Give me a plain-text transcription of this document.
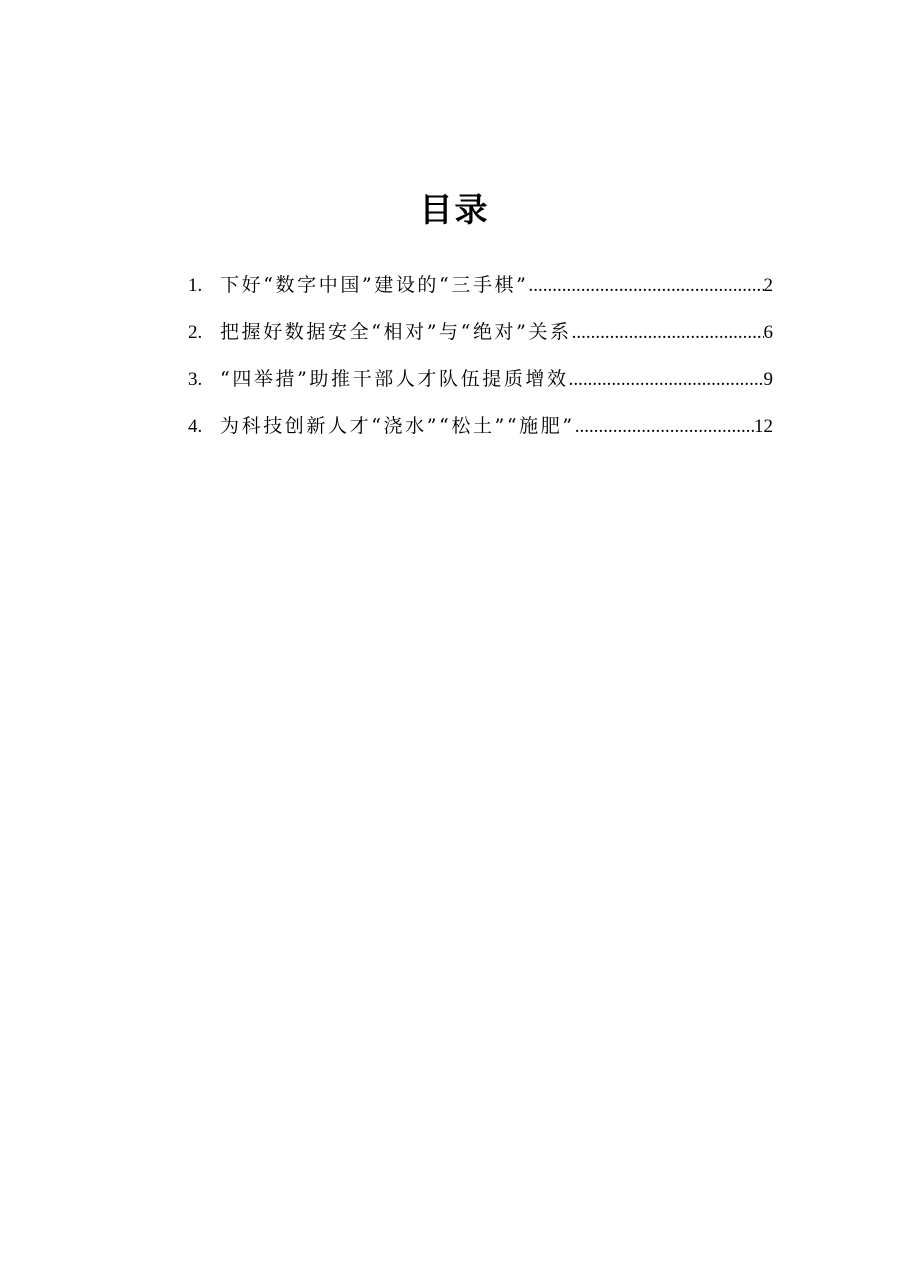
目录
1. 下好“数字中国”建设的“三手棋” .....	2
2. 把握好数据安全“相对”与“绝对”关系 .....	6
3. “四举措”助推干部人才队伍提质增效 .....	9
4. 为科技创新人才“浇水”“松土”“施肥” .....	12
